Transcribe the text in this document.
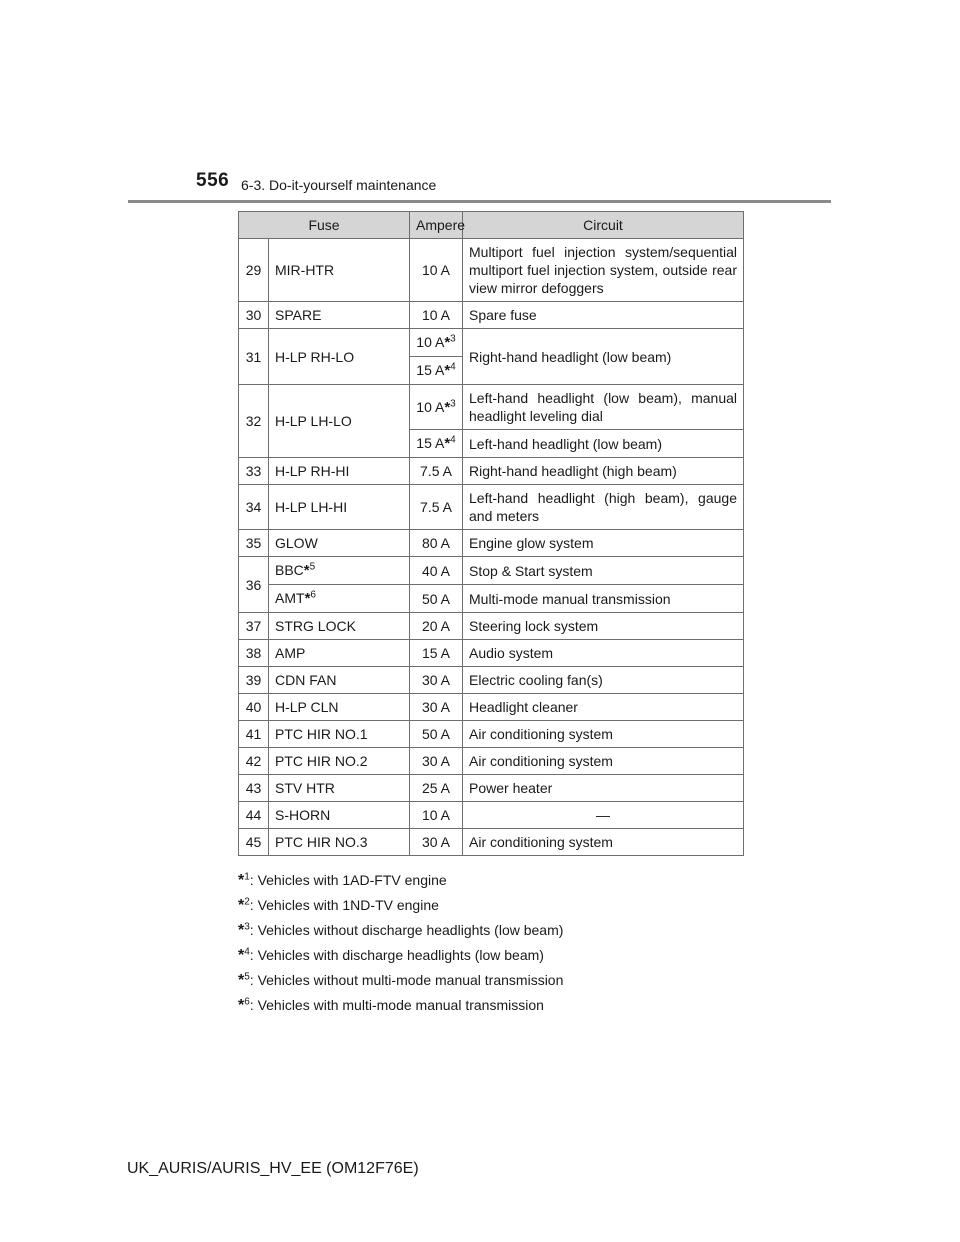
556 6-3. Do-it-yourself maintenance
Fuse		Ampere	Circuit
29	MIR-HTR	10 A	Multiport fuel injection system/sequential multiport fuel injection system, outside rear view mirror defoggers
30	SPARE	10 A	Spare fuse
31	H-LP RH-LO	10 A*$^3$	Right-hand headlight (low beam)
		15 A*$^4$
32	H-LP LH-LO	10 A*$^3$	Left-hand headlight (low beam), manual headlight leveling dial
		15 A*$^4$	Left-hand headlight (low beam)
33	H-LP RH-HI	7.5 A	Right-hand headlight (high beam)
34	H-LP LH-HI	7.5 A	Left-hand headlight (high beam), gauge and meters
35	GLOW	80 A	Engine glow system
36	BBC*$^5$	40 A	Stop & Start system
	AMT*$^6$	50 A	Multi-mode manual transmission
37	STRG LOCK	20 A	Steering lock system
38	AMP	15 A	Audio system
39	CDN FAN	30 A	Electric cooling fan(s)
40	H-LP CLN	30 A	Headlight cleaner
41	PTC HIR NO.1	50 A	Air conditioning system
42	PTC HIR NO.2	30 A	Air conditioning system
43	STV HTR	25 A	Power heater
44	S-HORN	10 A	—
45	PTC HIR NO.3	30 A	Air conditioning system
*$^1$: Vehicles with 1AD-FTV engine
*$^2$: Vehicles with 1ND-TV engine
*$^3$: Vehicles without discharge headlights (low beam)
*$^4$: Vehicles with discharge headlights (low beam)
*$^5$: Vehicles without multi-mode manual transmission
*$^6$: Vehicles with multi-mode manual transmission
UK_AURIS/AURIS_HV_EE (OM12F76E)
